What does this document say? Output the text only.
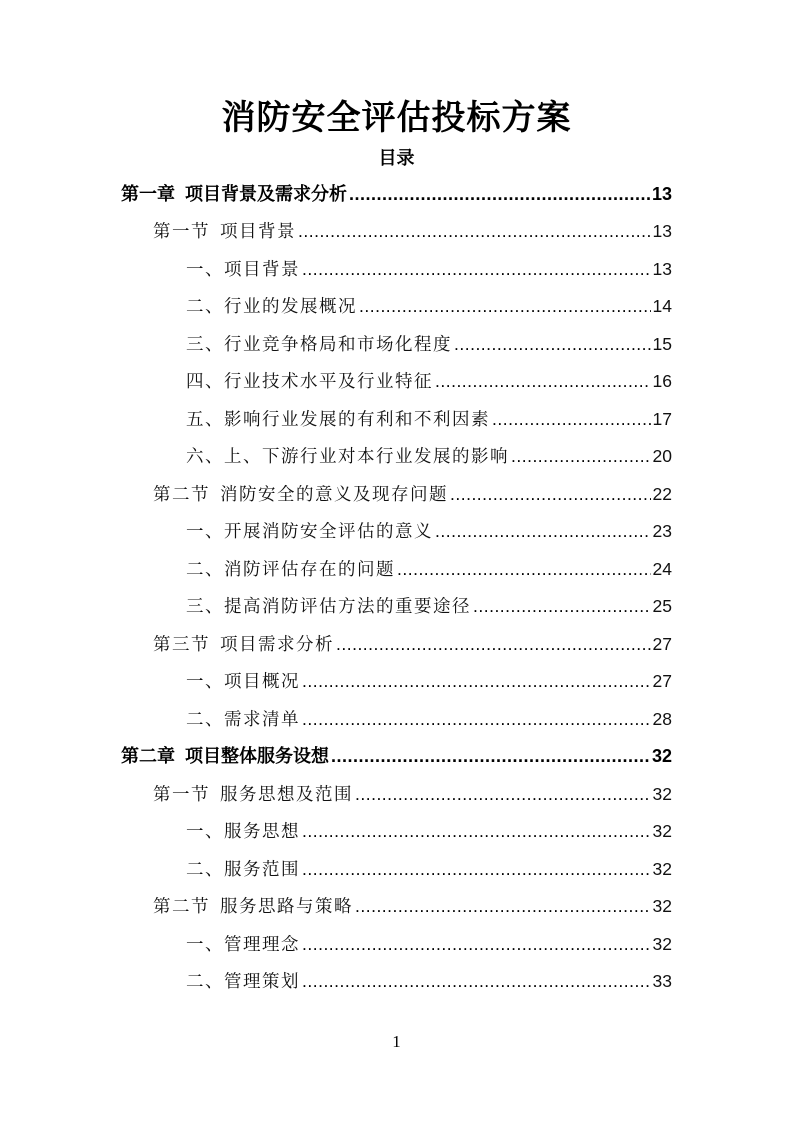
消防安全评估投标方案
目录
第一章 项目背景及需求分析 .....	13
第一节 项目背景 .....	13
一、项目背景 .....	13
二、行业的发展概况 .....	14
三、行业竞争格局和市场化程度 .....	15
四、行业技术水平及行业特征 .....	16
五、影响行业发展的有利和不利因素 .....	17
六、上、下游行业对本行业发展的影响 .....	20
第二节 消防安全的意义及现存问题 .....	22
一、开展消防安全评估的意义 .....	23
二、消防评估存在的问题 .....	24
三、提高消防评估方法的重要途径 .....	25
第三节 项目需求分析 .....	27
一、项目概况 .....	27
二、需求清单 .....	28
第二章 项目整体服务设想 .....	32
第一节 服务思想及范围 .....	32
一、服务思想 .....	32
二、服务范围 .....	32
第二节 服务思路与策略 .....	32
一、管理理念 .....	32
二、管理策划 .....	33
1
